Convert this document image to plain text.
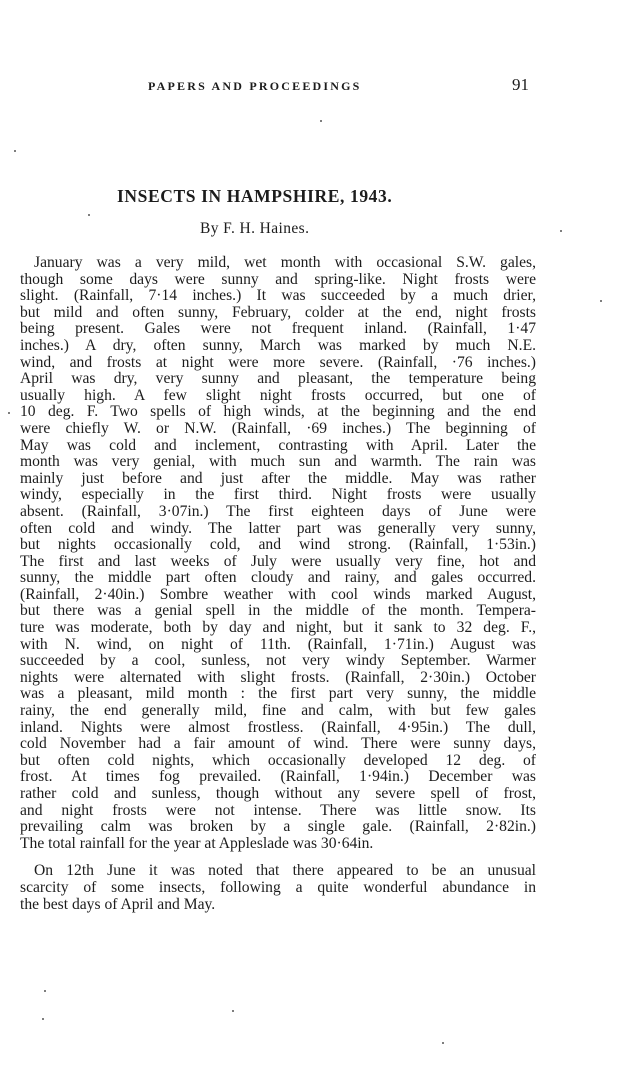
PAPERS AND PROCEEDINGS	91
INSECTS IN HAMPSHIRE, 1943.
By F. H. Haines.
January was a very mild, wet month with occasional S.W. gales,
though some days were sunny and spring-like. Night frosts were
slight. (Rainfall, 7·14 inches.) It was succeeded by a much drier,
but mild and often sunny, February, colder at the end, night frosts
being present. Gales were not frequent inland. (Rainfall, 1·47
inches.) A dry, often sunny, March was marked by much N.E.
wind, and frosts at night were more severe. (Rainfall, ·76 inches.)
April was dry, very sunny and pleasant, the temperature being
usually high. A few slight night frosts occurred, but one of
10 deg. F. Two spells of high winds, at the beginning and the end
were chiefly W. or N.W. (Rainfall, ·69 inches.) The beginning of
May was cold and inclement, contrasting with April. Later the
month was very genial, with much sun and warmth. The rain was
mainly just before and just after the middle. May was rather
windy, especially in the first third. Night frosts were usually
absent. (Rainfall, 3·07in.) The first eighteen days of June were
often cold and windy. The latter part was generally very sunny,
but nights occasionally cold, and wind strong. (Rainfall, 1·53in.)
The first and last weeks of July were usually very fine, hot and
sunny, the middle part often cloudy and rainy, and gales occurred.
(Rainfall, 2·40in.) Sombre weather with cool winds marked August,
but there was a genial spell in the middle of the month. Tempera-
ture was moderate, both by day and night, but it sank to 32 deg. F.,
with N. wind, on night of 11th. (Rainfall, 1·71in.) August was
succeeded by a cool, sunless, not very windy September. Warmer
nights were alternated with slight frosts. (Rainfall, 2·30in.) October
was a pleasant, mild month : the first part very sunny, the middle
rainy, the end generally mild, fine and calm, with but few gales
inland. Nights were almost frostless. (Rainfall, 4·95in.) The dull,
cold November had a fair amount of wind. There were sunny days,
but often cold nights, which occasionally developed 12 deg. of
frost. At times fog prevailed. (Rainfall, 1·94in.) December was
rather cold and sunless, though without any severe spell of frost,
and night frosts were not intense. There was little snow. Its
prevailing calm was broken by a single gale. (Rainfall, 2·82in.)
The total rainfall for the year at Appleslade was 30·64in.
On 12th June it was noted that there appeared to be an unusual
scarcity of some insects, following a quite wonderful abundance in
the best days of April and May.
